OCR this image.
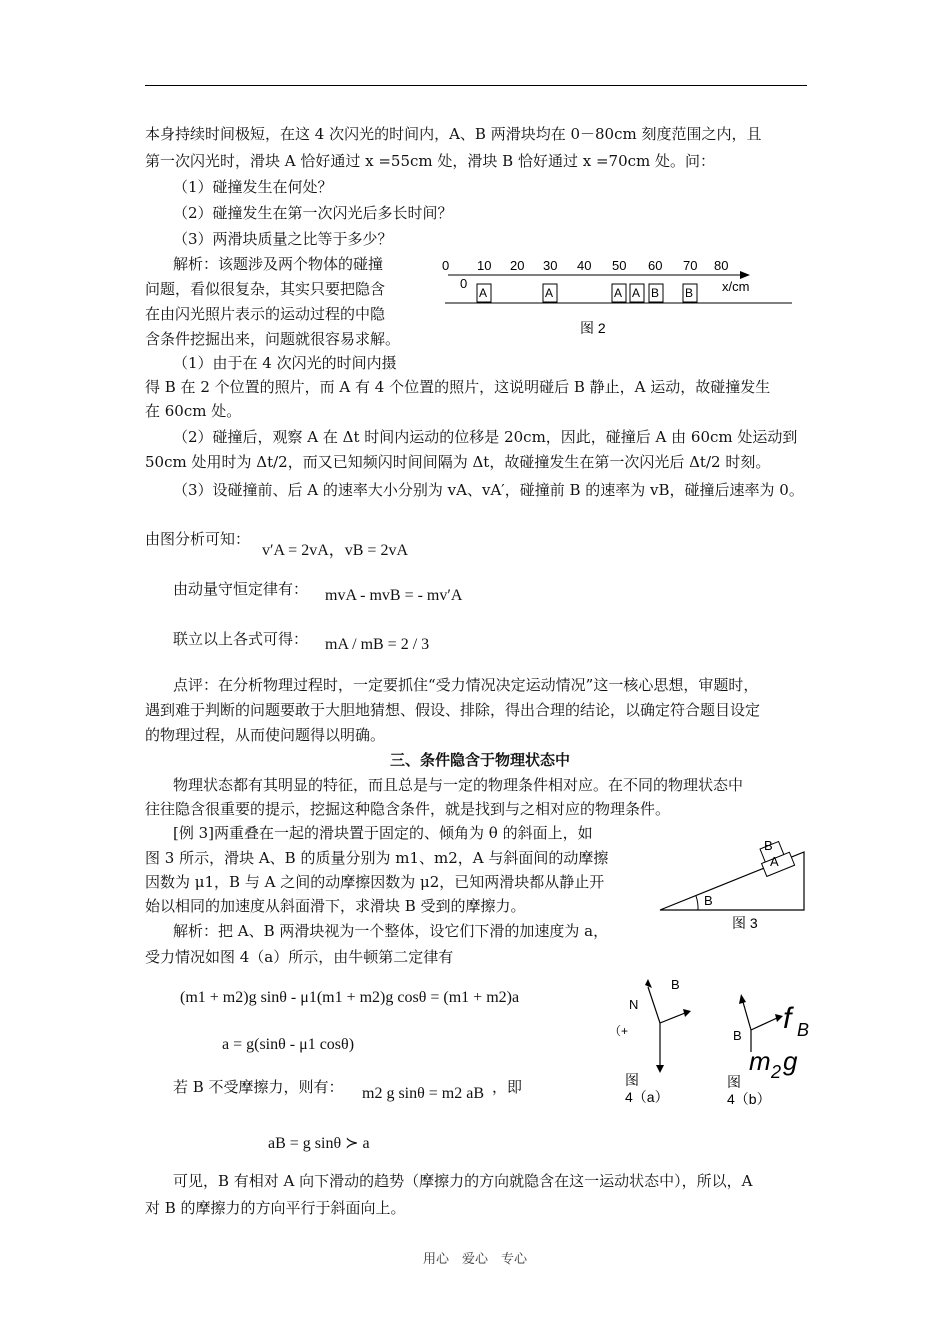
本身持续时间极短，在这 4 次闪光的时间内，A、B 两滑块均在 0－80cm 刻度范围之内，且
第一次闪光时，滑块 A 恰好通过 x =55cm 处，滑块 B 恰好通过 x =70cm 处。问：
（1）碰撞发生在何处？
（2）碰撞发生在第一次闪光后多长时间？
（3）两滑块质量之比等于多少？
解析：该题涉及两个物体的碰撞
问题，看似很复杂，其实只要把隐含
在由闪光照片表示的运动过程的中隐
含条件挖掘出来，问题就很容易求解。
（1）由于在 4 次闪光的时间内摄
得 B 在 2 个位置的照片，而 A 有 4 个位置的照片，这说明碰后 B 静止，A 运动，故碰撞发生
在 60cm 处。
（2）碰撞后，观察 A 在 Δt 时间内运动的位移是 20cm，因此，碰撞后 A 由 60cm 处运动到
50cm 处用时为 Δt/2，而又已知频闪时间间隔为 Δt，故碰撞发生在第一次闪光后 Δt/2 时刻。
（3）设碰撞前、后 A 的速率大小分别为 vA、vA′，碰撞前 B 的速率为 vB，碰撞后速率为 0。
由图分析可知：
v′A = 2vA，vB = 2vA
由动量守恒定律有： mvA - mvB = - mv′A
联立以上各式可得： mA / mB = 2 / 3
点评：在分析物理过程时，一定要抓住“受力情况决定运动情况”这一核心思想，审题时，
遇到难于判断的问题要敢于大胆地猜想、假设、排除，得出合理的结论，以确定符合题目设定
的物理过程，从而使问题得以明确。
三、条件隐含于物理状态中
物理状态都有其明显的特征，而且总是与一定的物理条件相对应。在不同的物理状态中
往往隐含很重要的提示，挖掘这种隐含条件，就是找到与之相对应的物理条件。
[例 3]两重叠在一起的滑块置于固定的、倾角为 θ 的斜面上，如
图 3 所示，滑块 A、B 的质量分别为 m1、m2，A 与斜面间的动摩擦
因数为 μ1，B 与 A 之间的动摩擦因数为 μ2，已知两滑块都从静止开
始以相同的加速度从斜面滑下，求滑块 B 受到的摩擦力。
解析：把 A、B 两滑块视为一个整体，设它们下滑的加速度为 a，
受力情况如图 4（a）所示，由牛顿第二定律有
(m1 + m2)g sinθ - μ1(m1 + m2)g cosθ = (m1 + m2)a
a = g(sinθ - μ1 cosθ)
若 B 不受摩擦力，则有： m2 g sinθ = m2 aB ，即
aB = g sinθ ≻ a
可见，B 有相对 A 向下滑动的趋势（摩擦力的方向就隐含在这一运动状态中），所以，A
对 B 的摩擦力的方向平行于斜面向上。
0 10 20 30 40 50 60 70 80
0	x/cm
A	A	A A B B
图 2
B
B
A
图 3
B
N
（+
图
4（a）
B
f B
m 2 g
图
4（b）
用心　爱心　专心
